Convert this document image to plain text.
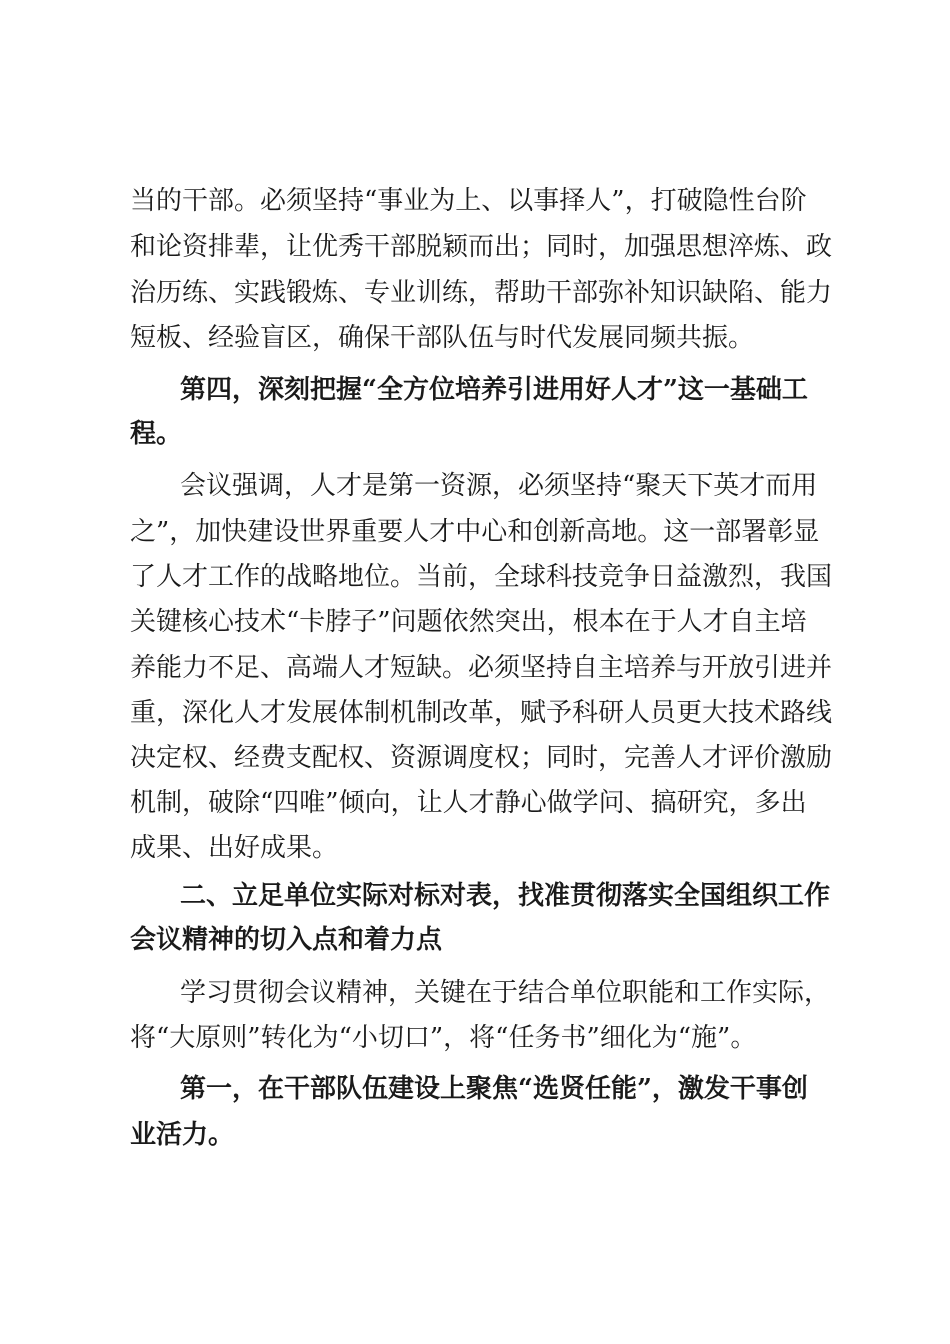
当的干部。必须坚持“事业为上、以事择人”，打破隐性台阶

和论资排辈，让优秀干部脱颖而出；同时，加强思想淬炼、政

治历练、实践锻炼、专业训练，帮助干部弥补知识缺陷、能力

短板、经验盲区，确保干部队伍与时代发展同频共振。

第四，深刻把握“全方位培养引进用好人才”这一基础工

程。

会议强调，人才是第一资源，必须坚持“聚天下英才而用

之”，加快建设世界重要人才中心和创新高地。这一部署彰显

了人才工作的战略地位。当前，全球科技竞争日益激烈，我国

关键核心技术“卡脖子”问题依然突出，根本在于人才自主培

养能力不足、高端人才短缺。必须坚持自主培养与开放引进并

重，深化人才发展体制机制改革，赋予科研人员更大技术路线

决定权、经费支配权、资源调度权；同时，完善人才评价激励

机制，破除“四唯”倾向，让人才静心做学问、搞研究，多出

成果、出好成果。

二、立足单位实际对标对表，找准贯彻落实全国组织工作

会议精神的切入点和着力点

学习贯彻会议精神，关键在于结合单位职能和工作实际，

将“大原则”转化为“小切口”，将“任务书”细化为“施”。

第一，在干部队伍建设上聚焦“选贤任能”，激发干事创

业活力。
